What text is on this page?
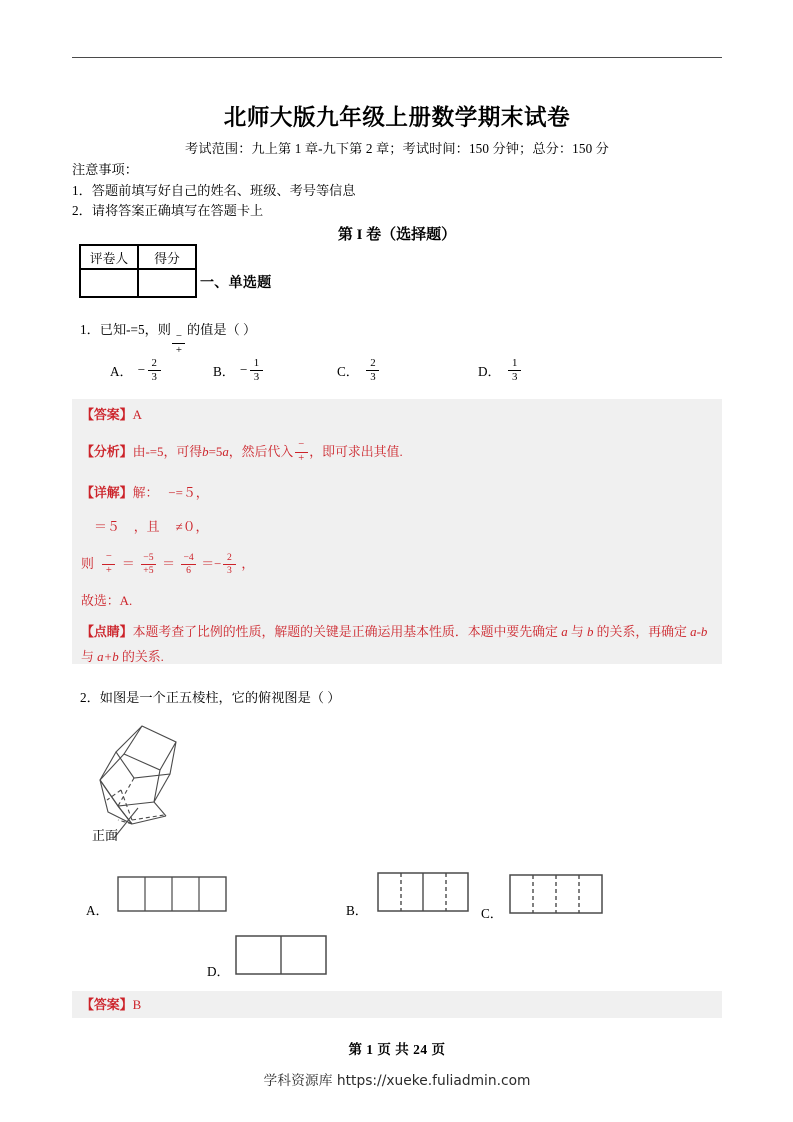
北师大版九年级上册数学期末试卷
考试范围：九上第 1 章-九下第 2 章；考试时间：150 分钟；总分：150 分
注意事项：
1．答题前填写好自己的姓名、班级、考号等信息
2．请将答案正确填写在答题卡上
第 I 卷（选择题）
评卷人	得分

一、单选题
1．已知-=5，则
$\frac{-}{+}$
的值是（ ）
A． − $\frac{2}{3}$	B． − $\frac{1}{3}$	C． $\frac{2}{3}$	D． $\frac{1}{3}$
【答案】 A
【分析】 由-=5，可得 b =5 a ，然后代入 $\frac{-}{+}$ ，即可求出其值.
【详解】 解： −=５，
＝５ ，且 ≠０，
则 $\frac{-}{+} = \frac{-5}{+5} = \frac{-4}{6}$ ＝ − $\frac{2}{3}$ ，
故选：A.
【点睛】本题考查了比例的性质，解题的关键是正确运用基本性质．本题中要先确定 a 与 b 的关系，再确定 a-b 与 a+b 的关系.
2．如图是一个正五棱柱，它的俯视图是（ ）
正面
A．	B．	C．
D．
【答案】 B
第 1 页 共 24 页
学科资源库 https://xueke.fuliadmin.com
